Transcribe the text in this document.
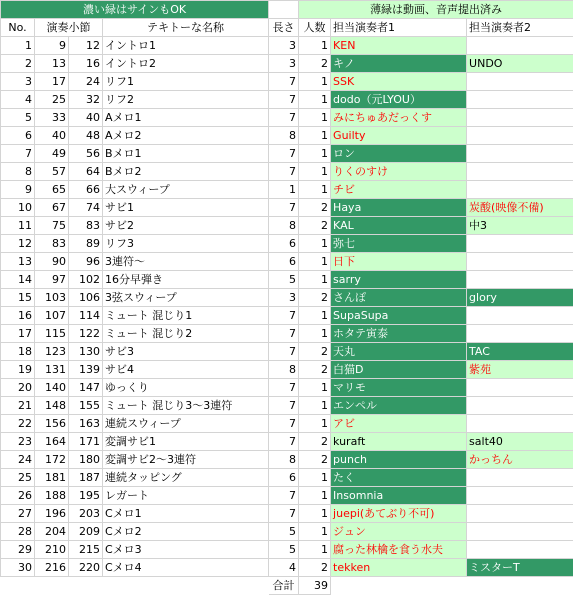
濃い緑はサインもOK					薄緑は動画、音声提出済み		
No.	演奏小節		テキトーな名称	長さ	人数	担当演奏者1	担当演奏者2
1	9	12	イントロ1	3	1	KEN	
2	13	16	イントロ2	3	2	キノ	UNDO
3	17	24	リフ1	7	1	SSK	
4	25	32	リフ2	7	1	dodo（元LYOU）	
5	33	40	Aメロ1	7	1	みにちゅあだっくす	
6	40	48	Aメロ2	8	1	Guilty	
7	49	56	Bメロ1	7	1	ロン	
8	57	64	Bメロ2	7	1	りくのすけ	
9	65	66	大スウィープ	1	1	チビ	
10	67	74	サビ1	7	2	Haya	炭酸(映像不備)
11	75	83	サビ2	8	2	KAL	中3
12	83	89	リフ3	6	1	弥七	
13	90	96	3連符～	6	1	日下	
14	97	102	16分早弾き	5	1	sarry	
15	103	106	3弦スウィープ	3	2	さんぽ	glory
16	107	114	ミュート 混じり1	7	1	SupaSupa	
17	115	122	ミュート 混じり2	7	1	ホタテ寅泰	
18	123	130	サビ3	7	2	天丸	TAC
19	131	139	サビ4	8	2	白猫D	紫苑
20	140	147	ゆっくり	7	1	マリモ	
21	148	155	ミュート 混じり3～3連符	7	1	エンペル	
22	156	163	連続スウィープ	7	1	アビ	
23	164	171	変調サビ1	7	2	kuraft	salt40
24	172	180	変調サビ2～3連符	8	2	punch	かっちん
25	181	187	連続タッピング	6	1	たく	
26	188	195	レガート	7	1	Insomnia	
27	196	203	Cメロ1	7	1	juepi(あてぶり不可)	
28	204	209	Cメロ2	5	1	ジュン	
29	210	215	Cメロ3	5	1	腐った林檎を食う水夫	
30	216	220	Cメロ4	4	2	tekken	ミスターT
				合計	39		
